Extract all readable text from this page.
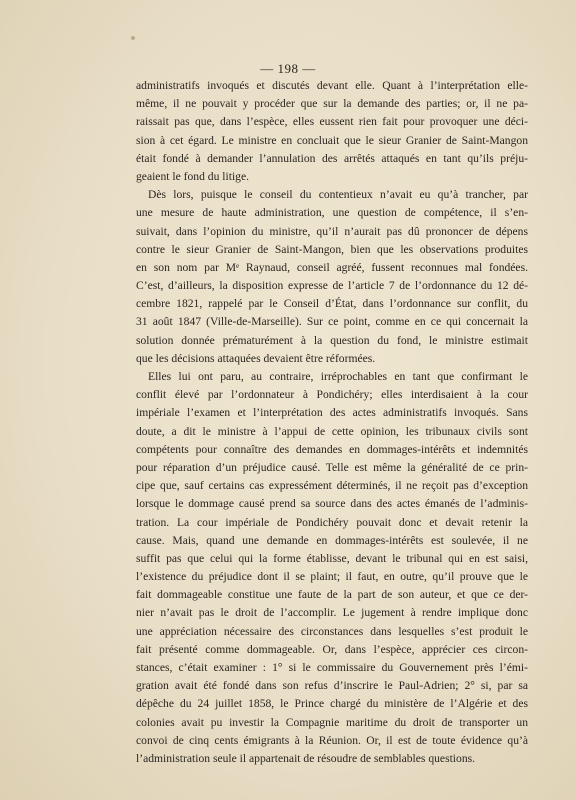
— 198 —
administratifs invoqués et discutés devant elle. Quant à l’interprétation elle-
même, il ne pouvait y procéder que sur la demande des parties; or, il ne pa-
raissait pas que, dans l’espèce, elles eussent rien fait pour provoquer une déci-
sion à cet égard. Le ministre en concluait que le sieur Granier de Saint-Mangon
était fondé à demander l’annulation des arrêtés attaqués en tant qu’ils préju-
geaient le fond du litige.
Dès lors, puisque le conseil du contentieux n’avait eu qu’à trancher, par
une mesure de haute administration, une question de compétence, il s’en-
suivait, dans l’opinion du ministre, qu’il n’aurait pas dû prononcer de dépens
contre le sieur Granier de Saint-Mangon, bien que les observations produites
en son nom par Mᵉ Raynaud, conseil agréé, fussent reconnues mal fondées.
C’est, d’ailleurs, la disposition expresse de l’article 7 de l’ordonnance du 12 dé-
cembre 1821, rappelé par le Conseil d’État, dans l’ordonnance sur conflit, du
31 août 1847 (Ville-de-Marseille). Sur ce point, comme en ce qui concernait la
solution donnée prématurément à la question du fond, le ministre estimait
que les décisions attaquées devaient être réformées.
Elles lui ont paru, au contraire, irréprochables en tant que confirmant le
conflit élevé par l’ordonnateur à Pondichéry; elles interdisaient à la cour
impériale l’examen et l’interprétation des actes administratifs invoqués. Sans
doute, a dit le ministre à l’appui de cette opinion, les tribunaux civils sont
compétents pour connaître des demandes en dommages-intérêts et indemnités
pour réparation d’un préjudice causé. Telle est même la généralité de ce prin-
cipe que, sauf certains cas expressément déterminés, il ne reçoit pas d’exception
lorsque le dommage causé prend sa source dans des actes émanés de l’adminis-
tration. La cour impériale de Pondichéry pouvait donc et devait retenir la
cause. Mais, quand une demande en dommages-intérêts est soulevée, il ne
suffit pas que celui qui la forme établisse, devant le tribunal qui en est saisi,
l’existence du préjudice dont il se plaint; il faut, en outre, qu’il prouve que le
fait dommageable constitue une faute de la part de son auteur, et que ce der-
nier n’avait pas le droit de l’accomplir. Le jugement à rendre implique donc
une appréciation nécessaire des circonstances dans lesquelles s’est produit le
fait présenté comme dommageable. Or, dans l’espèce, apprécier ces circon-
stances, c’était examiner : 1° si le commissaire du Gouvernement près l’émi-
gration avait été fondé dans son refus d’inscrire le Paul-Adrien; 2° si, par sa
dépêche du 24 juillet 1858, le Prince chargé du ministère de l’Algérie et des
colonies avait pu investir la Compagnie maritime du droit de transporter un
convoi de cinq cents émigrants à la Réunion. Or, il est de toute évidence qu’à
l’administration seule il appartenait de résoudre de semblables questions.
